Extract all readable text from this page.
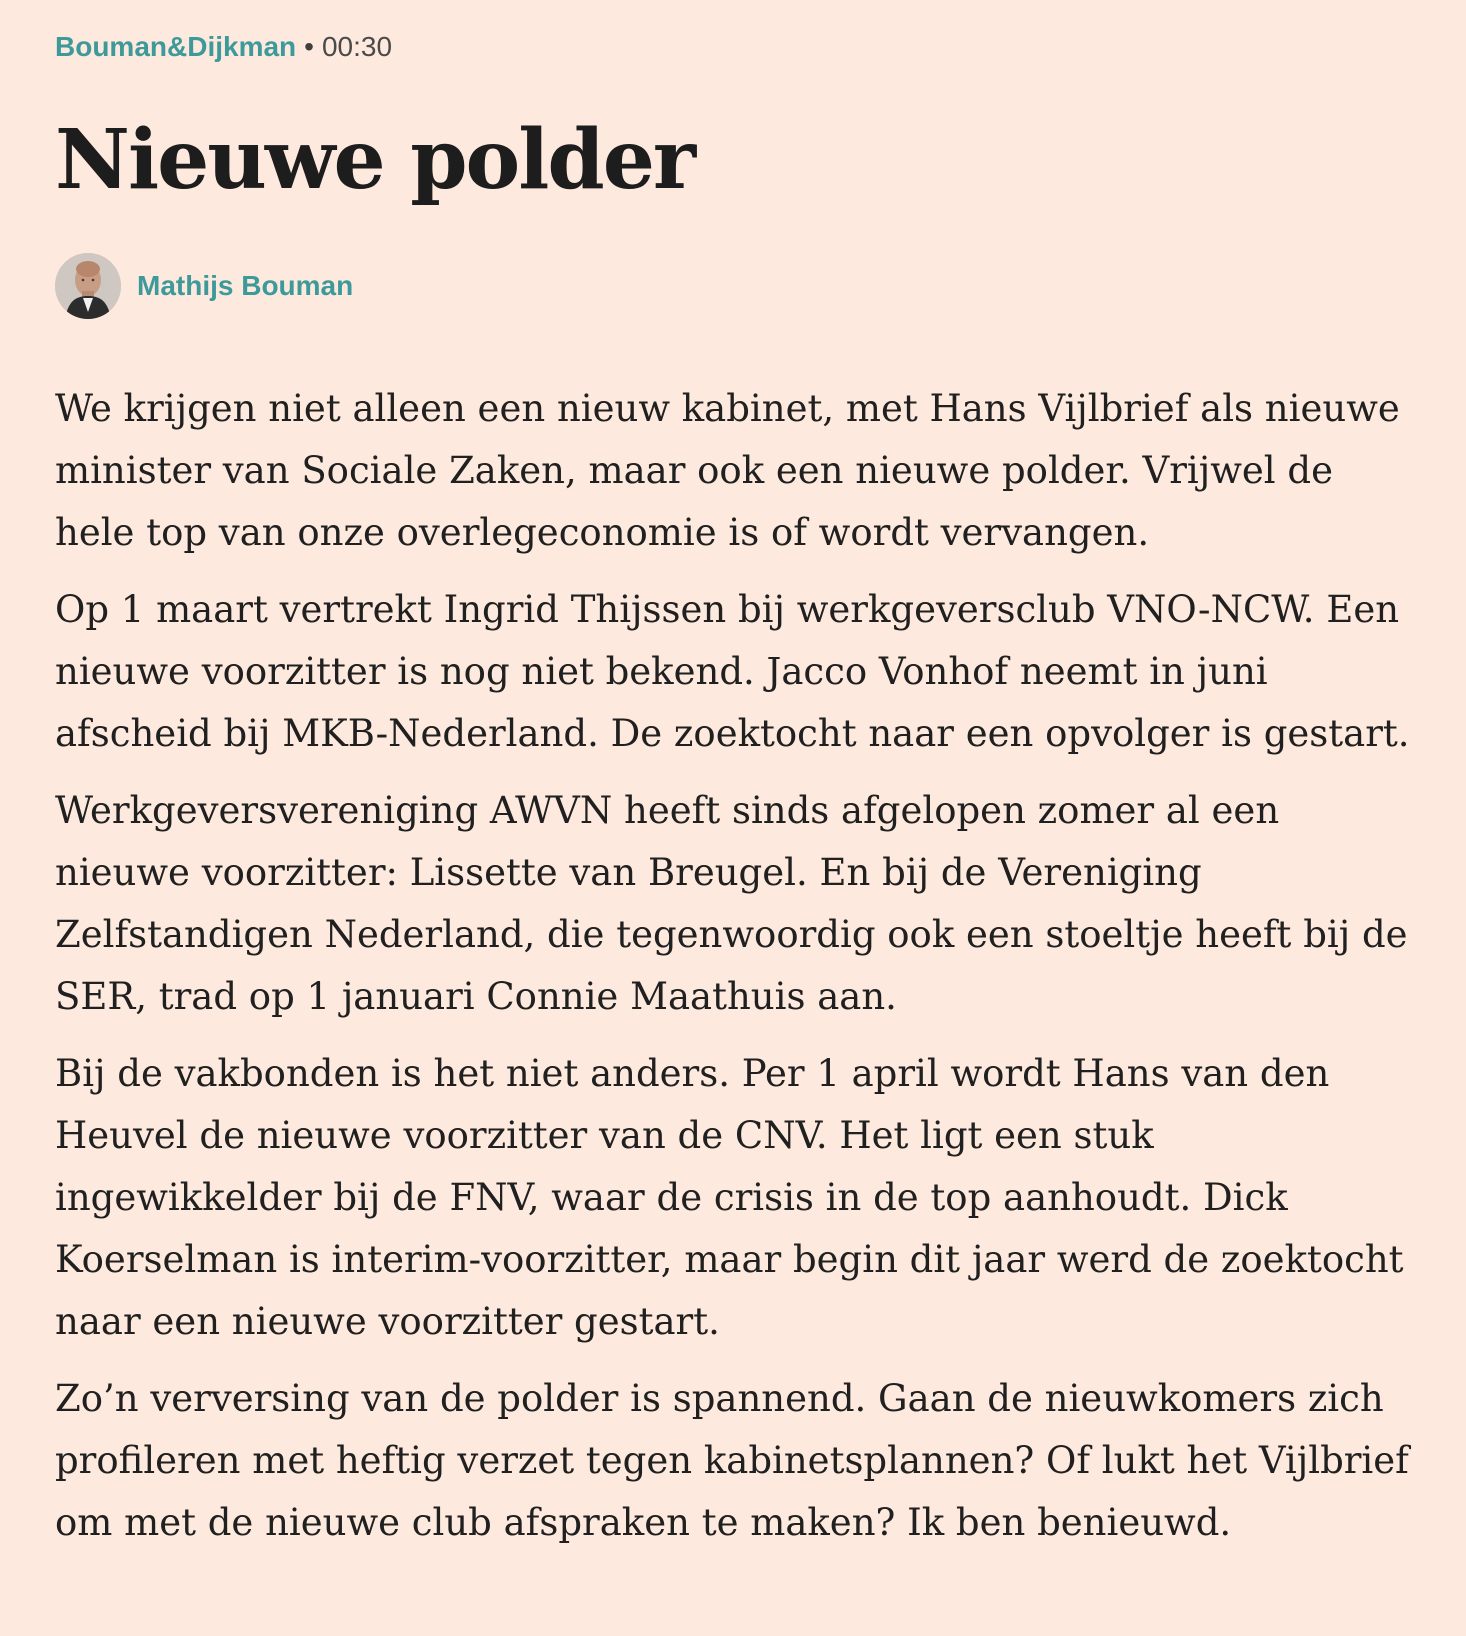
Bouman&Dijkman • 00:30
Nieuwe polder
Mathijs Bouman

We krijgen niet alleen een nieuw kabinet, met Hans Vijlbrief als nieuwe minister van Sociale Zaken, maar ook een nieuwe polder. Vrijwel de hele top van onze overlegeconomie is of wordt vervangen.

Op 1 maart vertrekt Ingrid Thijssen bij werkgeversclub VNO-NCW. Een nieuwe voorzitter is nog niet bekend. Jacco Vonhof neemt in juni afscheid bij MKB-Nederland. De zoektocht naar een opvolger is gestart.

Werkgeversvereniging AWVN heeft sinds afgelopen zomer al een nieuwe voorzitter: Lissette van Breugel. En bij de Vereniging Zelfstandigen Nederland, die tegenwoordig ook een stoeltje heeft bij de SER, trad op 1 januari Connie Maathuis aan.

Bij de vakbonden is het niet anders. Per 1 april wordt Hans van den Heuvel de nieuwe voorzitter van de CNV. Het ligt een stuk ingewikkelder bij de FNV, waar de crisis in de top aanhoudt. Dick Koerselman is interim-voorzitter, maar begin dit jaar werd de zoektocht naar een nieuwe voorzitter gestart.

Zo’n verversing van de polder is spannend. Gaan de nieuwkomers zich profileren met heftig verzet tegen kabinetsplannen? Of lukt het Vijlbrief om met de nieuwe club afspraken te maken? Ik ben benieuwd.
